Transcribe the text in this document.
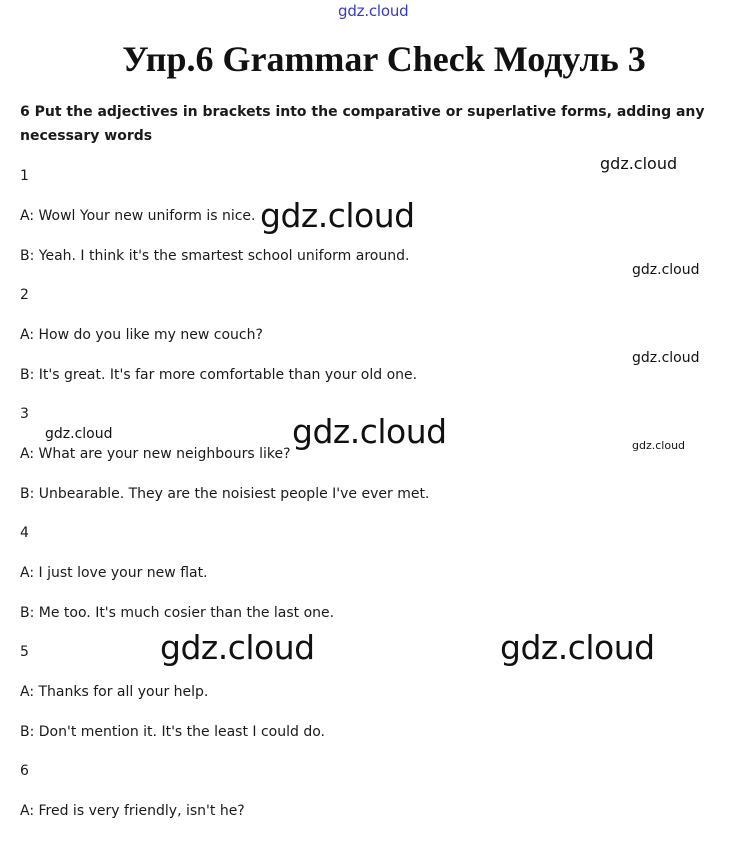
gdz.cloud
Упр.6 Grammar Check Модуль 3
6 Put the adjectives in brackets into the comparative or superlative forms, adding any necessary words
1
A: Wowl Your new uniform is nice.
B: Yeah. I think it's the smartest school uniform around.
2
A: How do you like my new couch?
B: It's great. It's far more comfortable than your old one.
3
A: What are your new neighbours like?
B: Unbearable. They are the noisiest people I've ever met.
4
A: I just love your new flat.
B: Me too. It's much cosier than the last one.
5
A: Thanks for all your help.
B: Don't mention it. It's the least I could do.
6
A: Fred is very friendly, isn't he?
gdz.cloud
gdz.cloud
gdz.cloud
gdz.cloud
gdz.cloud	gdz.cloud	gdz.cloud
gdz.cloud	gdz.cloud
